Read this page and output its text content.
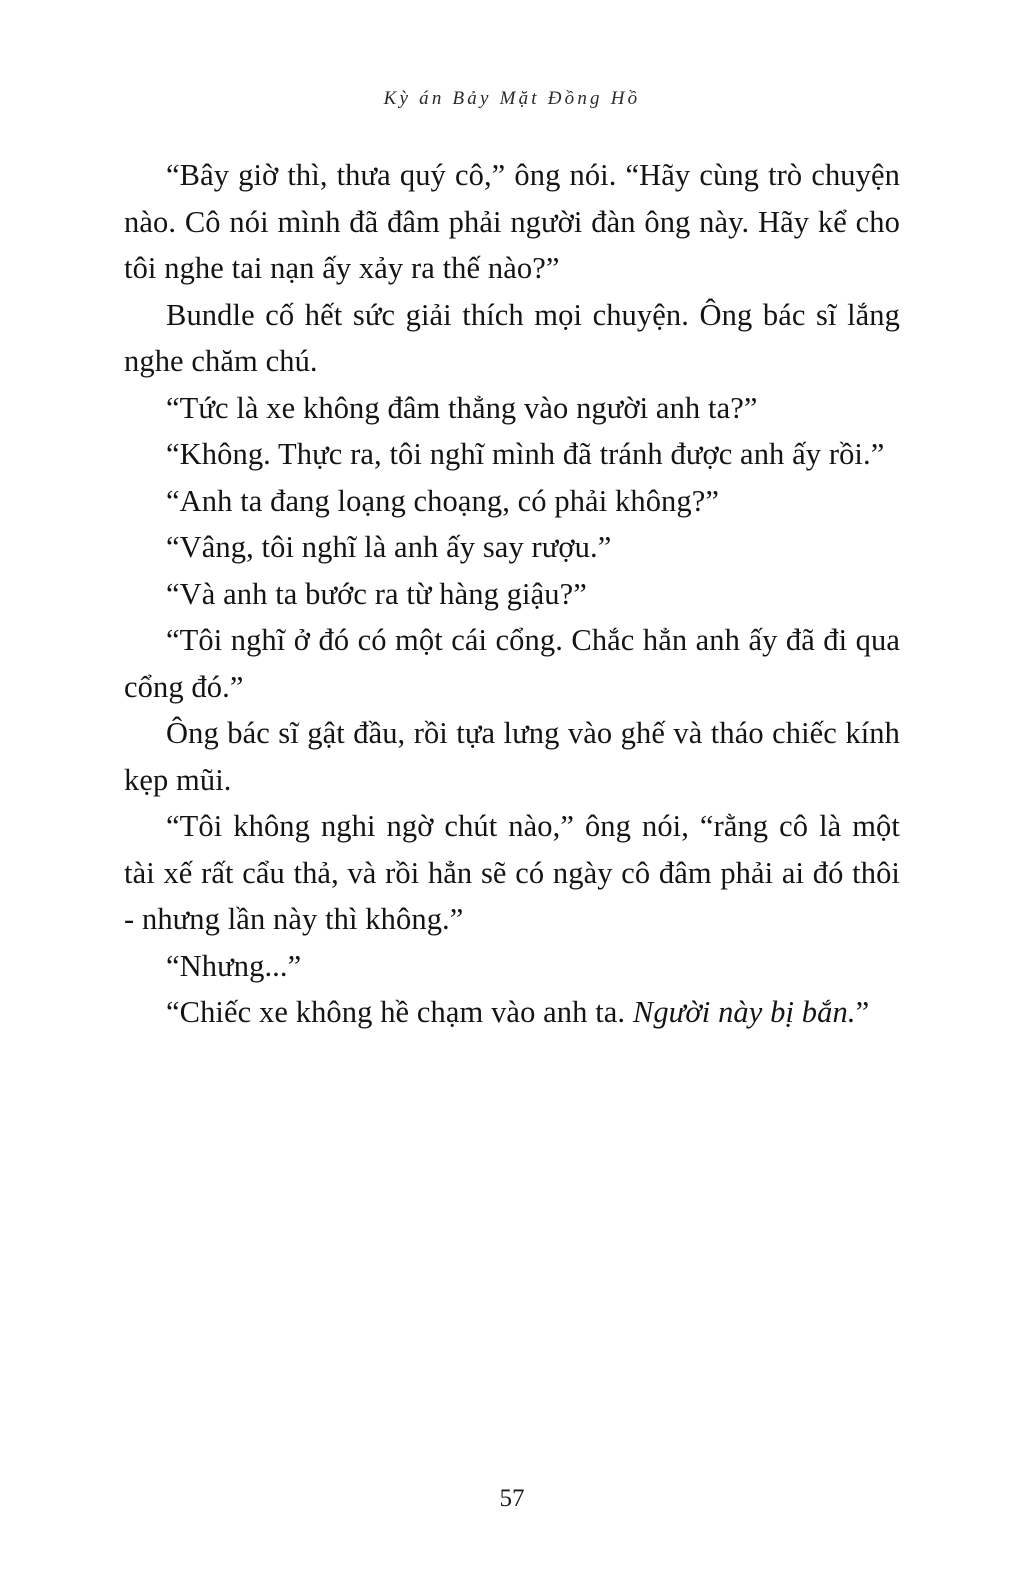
Kỳ án Bảy Mặt Đồng Hồ

“Bây giờ thì, thưa quý cô,” ông nói. “Hãy cùng trò chuyện nào. Cô nói mình đã đâm phải người đàn ông này. Hãy kể cho tôi nghe tai nạn ấy xảy ra thế nào?”

Bundle cố hết sức giải thích mọi chuyện. Ông bác sĩ lắng nghe chăm chú.

“Tức là xe không đâm thẳng vào người anh ta?”

“Không. Thực ra, tôi nghĩ mình đã tránh được anh ấy rồi.”

“Anh ta đang loạng choạng, có phải không?”

“Vâng, tôi nghĩ là anh ấy say rượu.”

“Và anh ta bước ra từ hàng giậu?”

“Tôi nghĩ ở đó có một cái cổng. Chắc hẳn anh ấy đã đi qua cổng đó.”

Ông bác sĩ gật đầu, rồi tựa lưng vào ghế và tháo chiếc kính kẹp mũi.

“Tôi không nghi ngờ chút nào,” ông nói, “rằng cô là một tài xế rất cẩu thả, và rồi hẳn sẽ có ngày cô đâm phải ai đó thôi - nhưng lần này thì không.”

“Nhưng...”

“Chiếc xe không hề chạm vào anh ta. Người này bị bắn.”

57
